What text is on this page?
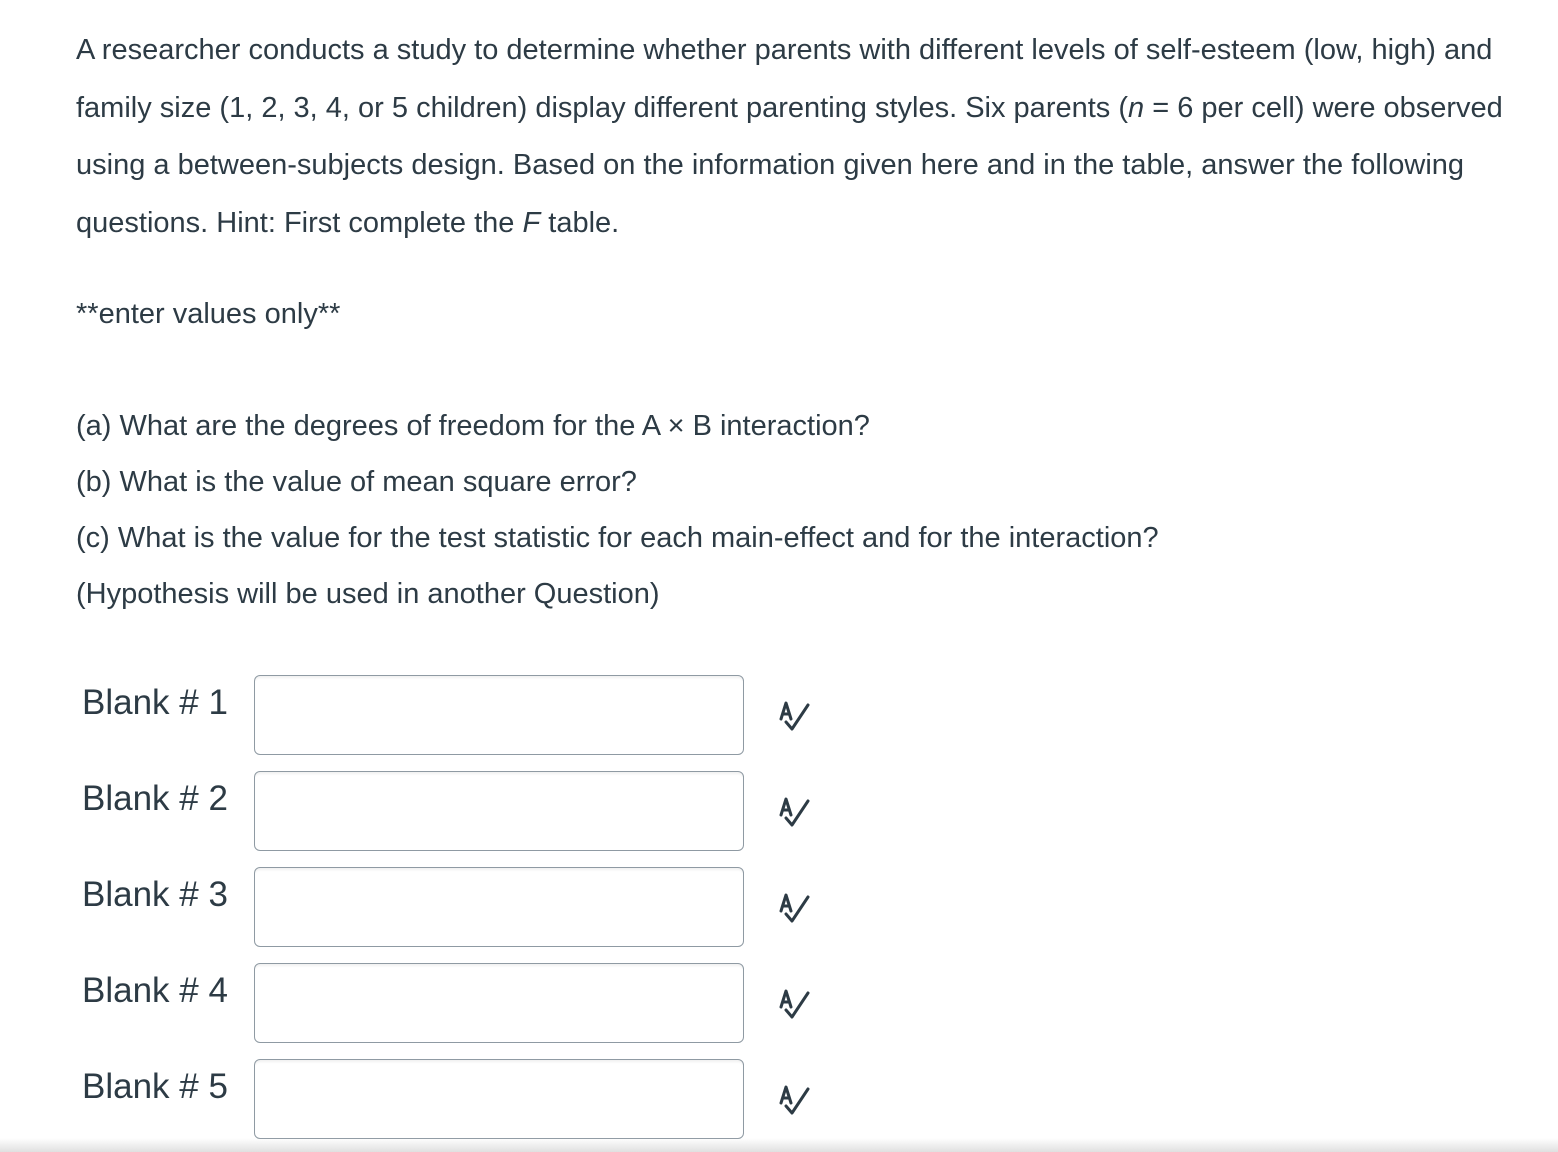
A researcher conducts a study to determine whether parents with different levels of self-esteem (low, high) and family size (1, 2, 3, 4, or 5 children) display different parenting styles. Six parents (n = 6 per cell) were observed using a between-subjects design. Based on the information given here and in the table, answer the following questions. Hint: First complete the F table.

**enter values only**
(a) What are the degrees of freedom for the A × B interaction?
(b) What is the value of mean square error?
(c) What is the value for the test statistic for each main-effect and for the interaction?
(Hypothesis will be used in another Question)
Blank # 1
Blank # 2
Blank # 3
Blank # 4
Blank # 5
